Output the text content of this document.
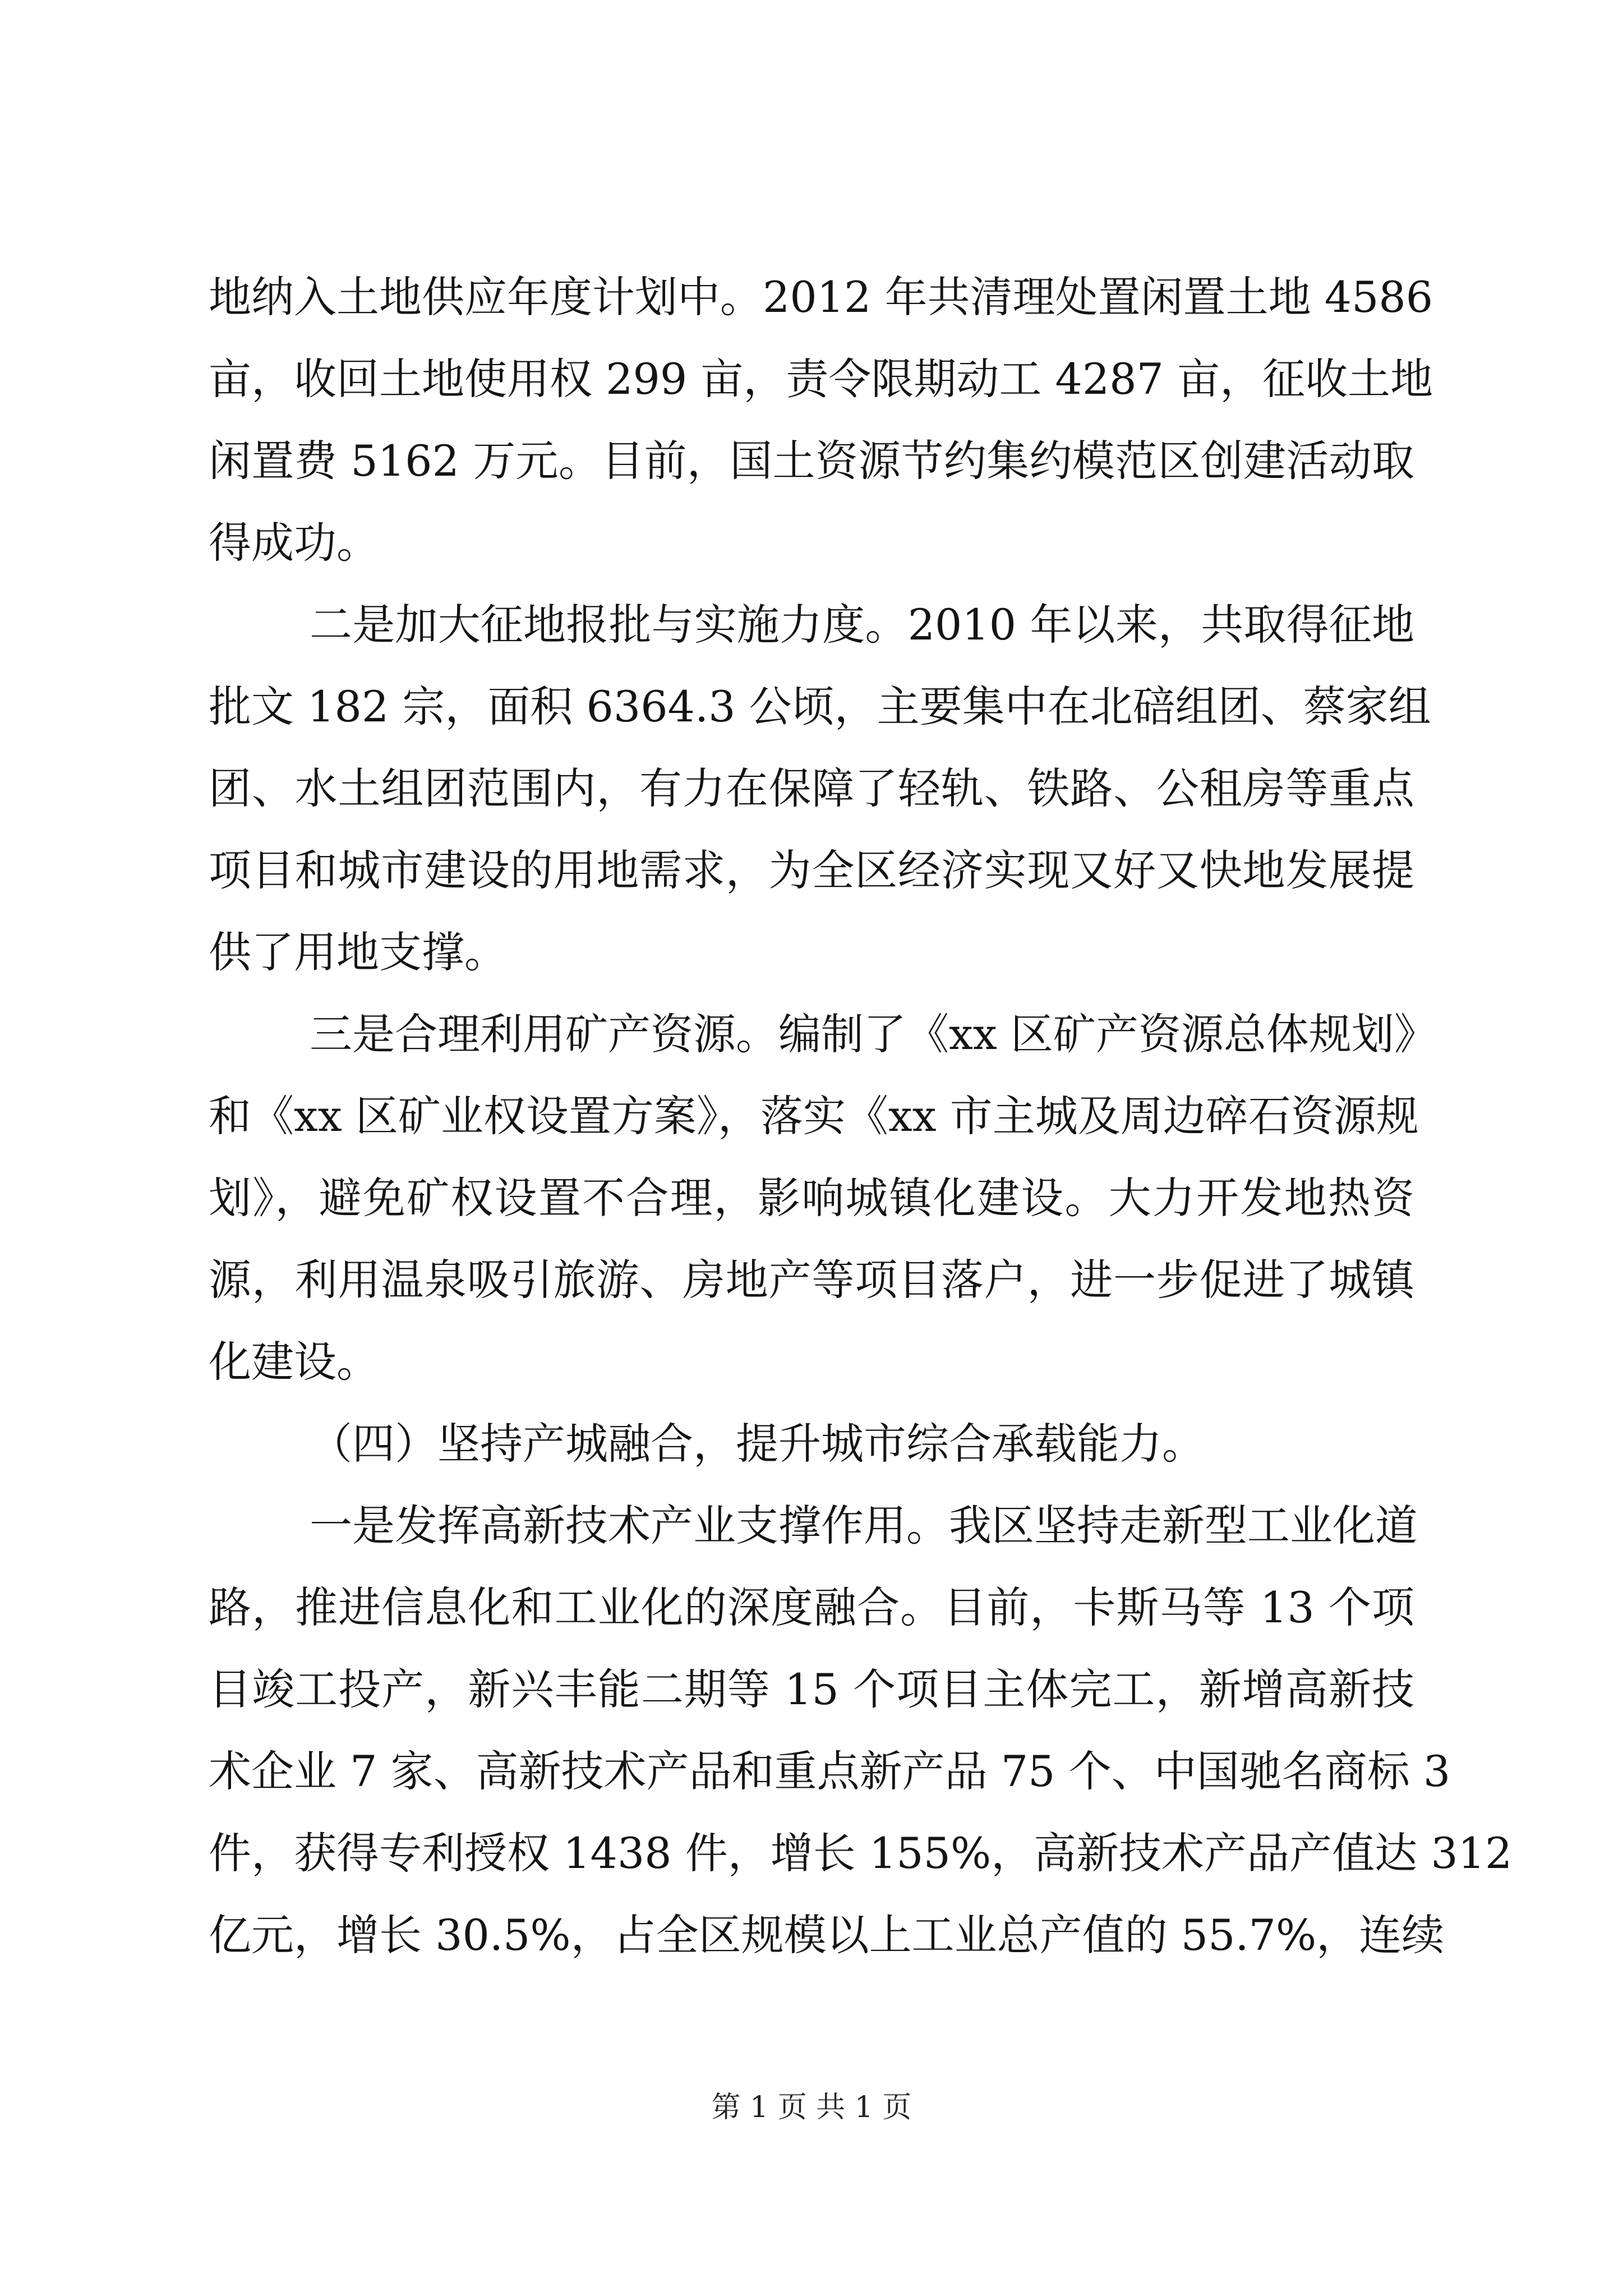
地纳入土地供应年度计划中。2012 年共清理处置闲置土地 4586
亩，收回土地使用权 299 亩，责令限期动工 4287 亩，征收土地
闲置费 5162 万元。目前，国土资源节约集约模范区创建活动取
得成功。
二是加大征地报批与实施力度。2010 年以来，共取得征地
批文 182 宗，面积 6364.3 公顷，主要集中在北碚组团、蔡家组
团、水土组团范围内，有力在保障了轻轨、铁路、公租房等重点
项目和城市建设的用地需求，为全区经济实现又好又快地发展提
供了用地支撑。
三是合理利用矿产资源。编制了《xx 区矿产资源总体规划》
和《xx 区矿业权设置方案》，落实《xx 市主城及周边碎石资源规
划》，避免矿权设置不合理，影响城镇化建设。大力开发地热资
源，利用温泉吸引旅游、房地产等项目落户，进一步促进了城镇
化建设。
（四）坚持产城融合，提升城市综合承载能力。
一是发挥高新技术产业支撑作用。我区坚持走新型工业化道
路，推进信息化和工业化的深度融合。目前，卡斯马等 13 个项
目竣工投产，新兴丰能二期等 15 个项目主体完工，新增高新技
术企业 7 家、高新技术产品和重点新产品 75 个、中国驰名商标 3
件，获得专利授权 1438 件，增长 155%，高新技术产品产值达 312
亿元，增长 30.5%，占全区规模以上工业总产值的 55.7%，连续
第 1 页 共 1 页
